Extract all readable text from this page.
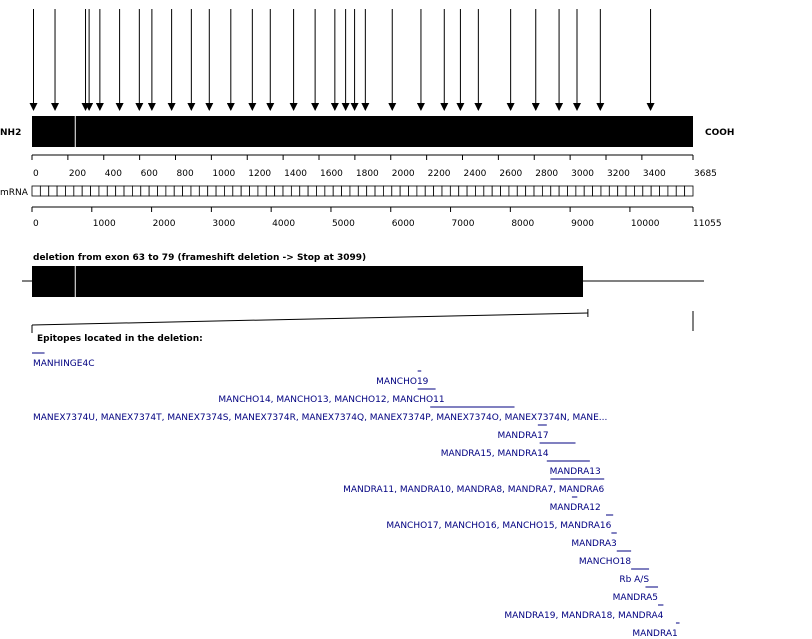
NH2	COOH
0	200 400 600 800 1000 1200 1400 1600 1800 2000 2200 2400 2600 2800 3000 3200 3400	3685
mRNA
0	1000	2000	3000	4000	5000	6000	7000	8000	9000	10000	11055
deletion from exon 63 to 79 (frameshift deletion -> Stop at 3099)
Epitopes located in the deletion:
MANHINGE4C
MANCHO19
MANCHO14, MANCHO13, MANCHO12, MANCHO11
MANEX7374U, MANEX7374T, MANEX7374S, MANEX7374R, MANEX7374Q, MANEX7374P, MANEX7374O, MANEX7374N, MANE...
MANDRA17
MANDRA15, MANDRA14
MANDRA13
MANDRA11, MANDRA10, MANDRA8, MANDRA7, MANDRA6
MANDRA12
MANCHO17, MANCHO16, MANCHO15, MANDRA16
MANDRA3
MANCHO18
Rb A/S
MANDRA5
MANDRA19, MANDRA18, MANDRA4
MANDRA1
